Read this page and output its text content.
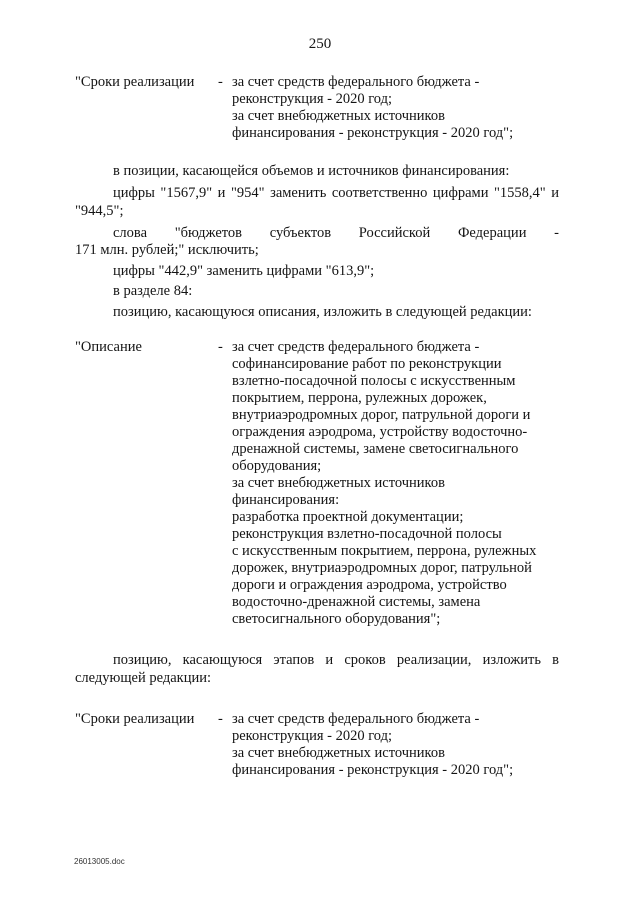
250
"Сроки реализации - за счет средств федерального бюджета -
реконструкция - 2020 год;
за счет внебюджетных источников
финансирования - реконструкция - 2020 год";
в позиции, касающейся объемов и источников финансирования:
цифры "1567,9" и "954" заменить соответственно цифрами "1558,4" и
"944,5";
слова "бюджетов субъектов Российской Федерации -
171 млн. рублей;" исключить;
цифры "442,9" заменить цифрами "613,9";
в разделе 84:
позицию, касающуюся описания, изложить в следующей редакции:
"Описание	- за счет средств федерального бюджета -
софинансирование работ по реконструкции
взлетно-посадочной полосы с искусственным
покрытием, перрона, рулежных дорожек,
внутриаэродромных дорог, патрульной дороги и
ограждения аэродрома, устройству водосточно-
дренажной системы, замене светосигнального
оборудования;
за счет внебюджетных источников
финансирования:
разработка проектной документации;
реконструкция взлетно-посадочной полосы
с искусственным покрытием, перрона, рулежных
дорожек, внутриаэродромных дорог, патрульной
дороги и ограждения аэродрома, устройство
водосточно-дренажной системы, замена
светосигнального оборудования";
позицию, касающуюся этапов и сроков реализации, изложить в
следующей редакции:
"Сроки реализации - за счет средств федерального бюджета -
реконструкция - 2020 год;
за счет внебюджетных источников
финансирования - реконструкция - 2020 год";
26013005.doc
